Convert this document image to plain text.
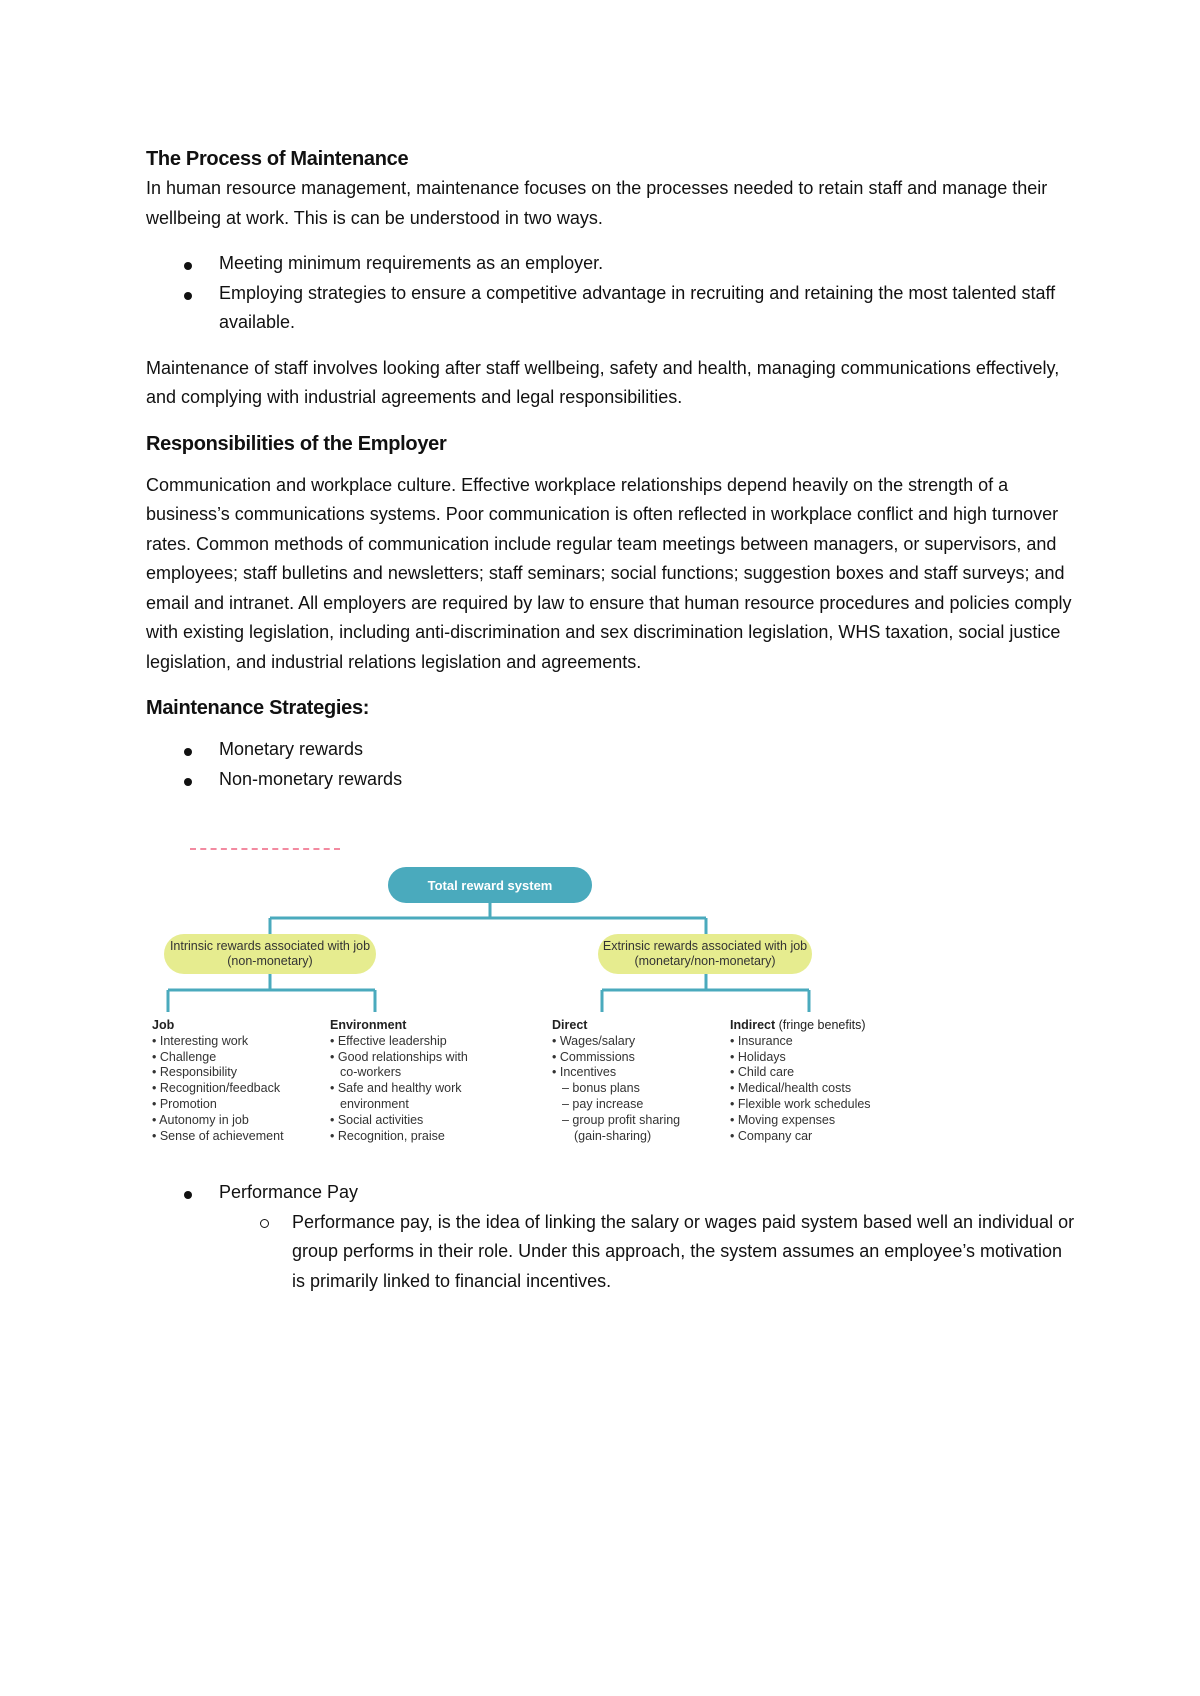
The Process of Maintenance

In human resource management, maintenance focuses on the processes needed to retain staff and manage their wellbeing at work. This is can be understood in two ways.

Meeting minimum requirements as an employer.
Employing strategies to ensure a competitive advantage in recruiting and retaining the most talented staff available.

Maintenance of staff involves looking after staff wellbeing, safety and health, managing communications effectively, and complying with industrial agreements and legal responsibilities.

Responsibilities of the Employer

Communication and workplace culture. Effective workplace relationships depend heavily on the strength of a business’s communications systems. Poor communication is often reflected in workplace conflict and high turnover rates. Common methods of communication include regular team meetings between managers, or supervisors, and employees; staff bulletins and newsletters; staff seminars; social functions; suggestion boxes and staff surveys; and email and intranet. All employers are required by law to ensure that human resource procedures and policies comply with existing legislation, including anti-discrimination and sex discrimination legislation, WHS taxation, social justice legislation, and industrial relations legislation and agreements.

Maintenance Strategies:
Monetary rewards
Non-monetary rewards
Total reward system
Intrinsic rewards associated with job (non-monetary)
Extrinsic rewards associated with job (monetary/non-monetary)
Job
• Interesting work
• Challenge
• Responsibility
• Recognition/feedback
• Promotion
• Autonomy in job
• Sense of achievement
Environment
• Effective leadership
• Good relationships with
co-workers
• Safe and healthy work
environment
• Social activities
• Recognition, praise
Direct
• Wages/salary
• Commissions
• Incentives
– bonus plans
– pay increase
– group profit sharing
(gain-sharing)
Indirect (fringe benefits)
• Insurance
• Holidays
• Child care
• Medical/health costs
• Flexible work schedules
• Moving expenses
• Company car
Performance Pay
Performance pay, is the idea of linking the salary or wages paid system based well an individual or group performs in their role. Under this approach, the system assumes an employee’s motivation is primarily linked to financial incentives.
